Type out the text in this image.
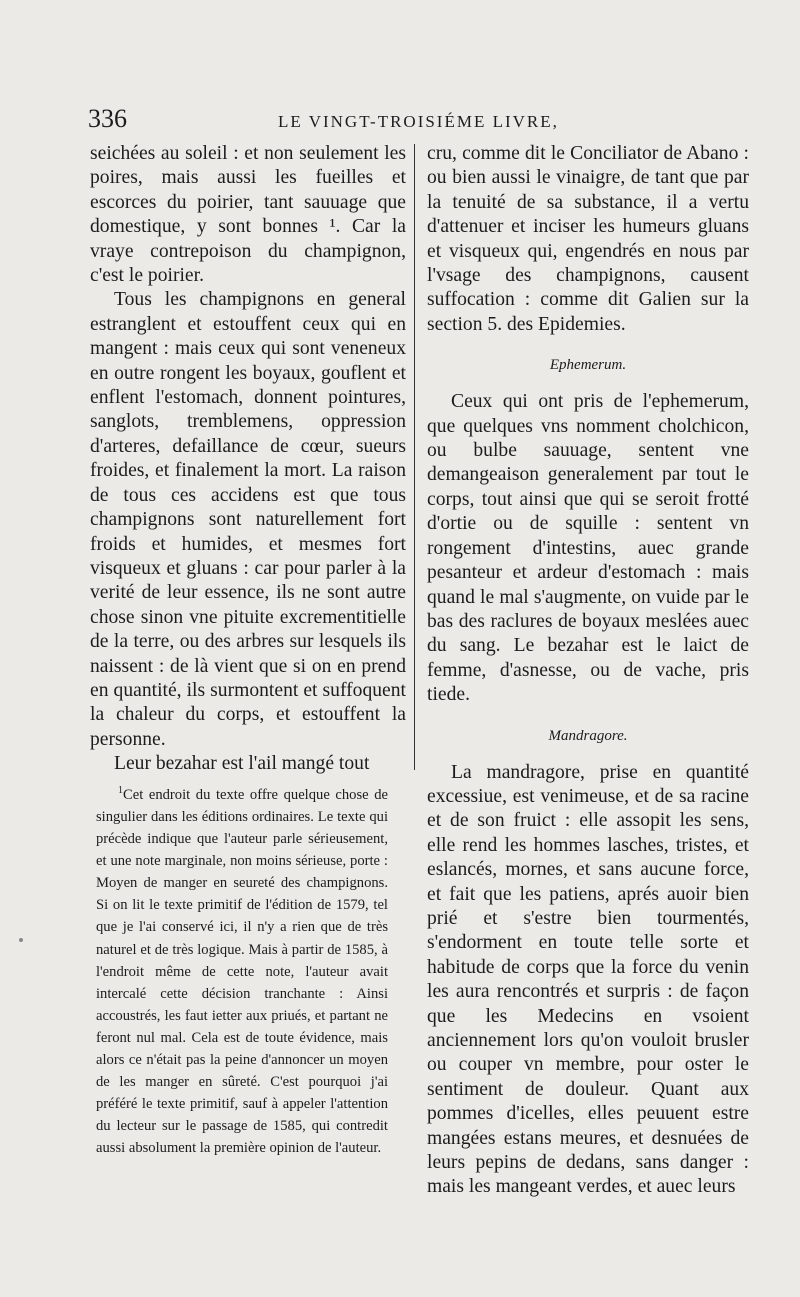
336	LE VINGT-TROISIÉME LIVRE,

seichées au soleil : et non seulement les poires, mais aussi les fueilles et escorces du poirier, tant sauuage que domestique, y sont bonnes ¹. Car la vraye contrepoison du champignon, c'est le poirier.

Tous les champignons en general estranglent et estouffent ceux qui en mangent : mais ceux qui sont veneneux en outre rongent les boyaux, gouflent et enflent l'estomach, donnent pointures, sanglots, tremblemens, oppression d'arteres, defaillance de cœur, sueurs froides, et finalement la mort. La raison de tous ces accidens est que tous champignons sont naturellement fort froids et humides, et mesmes fort visqueux et gluans : car pour parler à la verité de leur essence, ils ne sont autre chose sinon vne pituite excrementitielle de la terre, ou des arbres sur lesquels ils naissent : de là vient que si on en prend en quantité, ils surmontent et suffoquent la chaleur du corps, et estouffent la personne.

Leur bezahar est l'ail mangé tout

cru, comme dit le Conciliator de Abano : ou bien aussi le vinaigre, de tant que par la tenuité de sa substance, il a vertu d'attenuer et inciser les humeurs gluans et visqueux qui, engendrés en nous par l'vsage des champignons, causent suffocation : comme dit Galien sur la section 5. des Epidemies.

Ephemerum.

Ceux qui ont pris de l'ephemerum, que quelques vns nomment cholchicon, ou bulbe sauuage, sentent vne demangeaison generalement par tout le corps, tout ainsi que qui se seroit frotté d'ortie ou de squille : sentent vn rongement d'intestins, auec grande pesanteur et ardeur d'estomach : mais quand le mal s'augmente, on vuide par le bas des raclures de boyaux meslées auec du sang. Le bezahar est le laict de femme, d'asnesse, ou de vache, pris tiede.

Mandragore.

La mandragore, prise en quantité excessiue, est venimeuse, et de sa racine et de son fruict : elle assopit les sens, elle rend les hommes lasches, tristes, et eslancés, mornes, et sans aucune force, et fait que les patiens, aprés auoir bien prié et s'estre bien tourmentés, s'endorment en toute telle sorte et habitude de corps que la force du venin les aura rencontrés et surpris : de façon que les Medecins en vsoient anciennement lors qu'on vouloit brusler ou couper vn membre, pour oster le sentiment de douleur. Quant aux pommes d'icelles, elles peuuent estre mangées estans meures, et desnuées de leurs pepins de dedans, sans danger : mais les mangeant verdes, et auec leurs

$^1$Cet endroit du texte offre quelque chose de singulier dans les éditions ordinaires. Le texte qui précède indique que l'auteur parle sérieusement, et une note marginale, non moins sérieuse, porte : Moyen de manger en seureté des champignons. Si on lit le texte primitif de l'édition de 1579, tel que je l'ai conservé ici, il n'y a rien que de très naturel et de très logique. Mais à partir de 1585, à l'endroit même de cette note, l'auteur avait intercalé cette décision tranchante : Ainsi accoustrés, les faut ietter aux priués, et partant ne feront nul mal. Cela est de toute évidence, mais alors ce n'était pas la peine d'annoncer un moyen de les manger en sûreté. C'est pourquoi j'ai préféré le texte primitif, sauf à appeler l'attention du lecteur sur le passage de 1585, qui contredit aussi absolument la première opinion de l'auteur.
